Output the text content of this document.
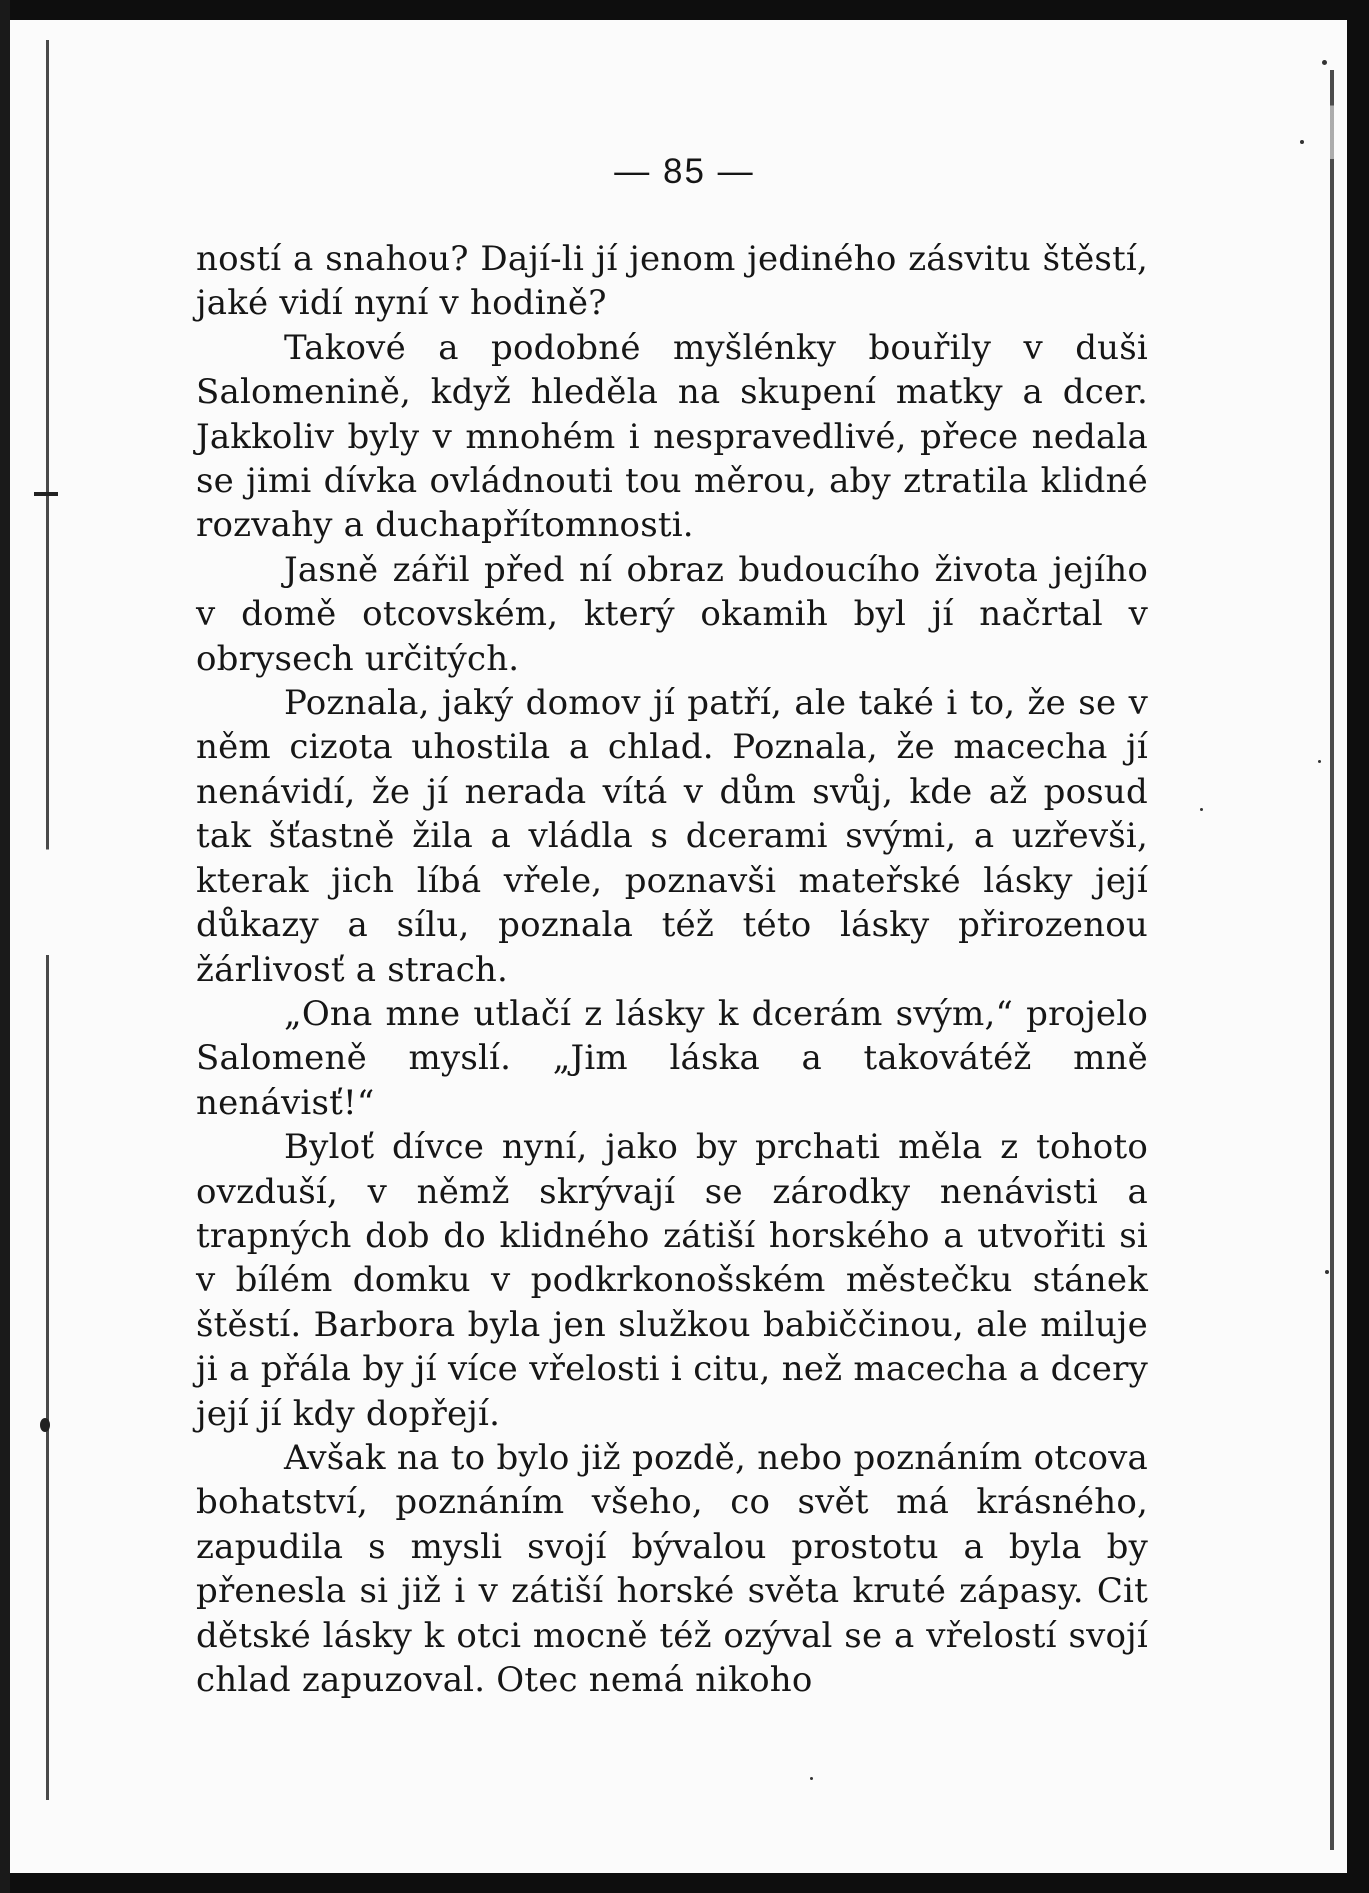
— 85 —

ností a snahou? Dají-li jí jenom jediného zásvitu štěstí, jaké vidí nyní v hodině?

Takové a podobné myšlénky bouřily v duši Salomenině, když hleděla na skupení matky a dcer. Jakkoliv byly v mnohém i nespravedlivé, přece nedala se jimi dívka ovládnouti tou měrou, aby ztratila klidné rozvahy a duchapřítomnosti.

Jasně zářil před ní obraz budoucího života jejího v domě otcovském, který okamih byl jí načrtal v obrysech určitých.

Poznala, jaký domov jí patří, ale také i to, že se v něm cizota uhostila a chlad. Poznala, že macecha jí nenávidí, že jí nerada vítá v dům svůj, kde až posud tak šťastně žila a vládla s dcerami svými, a uzřevši, kterak jich líbá vřele, poznavši mateřské lásky její důkazy a sílu, poznala též této lásky přirozenou žárlivosť a strach.

„Ona mne utlačí z lásky k dcerám svým,“ projelo Salomeně myslí. „Jim láska a takovátéž mně nenávisť!“

Byloť dívce nyní, jako by prchati měla z tohoto ovzduší, v němž skrývají se zárodky nenávisti a trapných dob do klidného zátiší horského a utvořiti si v bílém domku v podkrkonošském městečku stánek štěstí. Barbora byla jen služkou babiččinou, ale miluje ji a přála by jí více vřelosti i citu, než macecha a dcery její jí kdy dopřejí.

Avšak na to bylo již pozdě, nebo poznáním otcova bohatství, poznáním všeho, co svět má krásného, zapudila s mysli svojí bývalou prostotu a byla by přenesla si již i v zátiší horské světa kruté zápasy. Cit dětské lásky k otci mocně též ozýval se a vřelostí svojí chlad zapuzoval. Otec nemá nikoho
